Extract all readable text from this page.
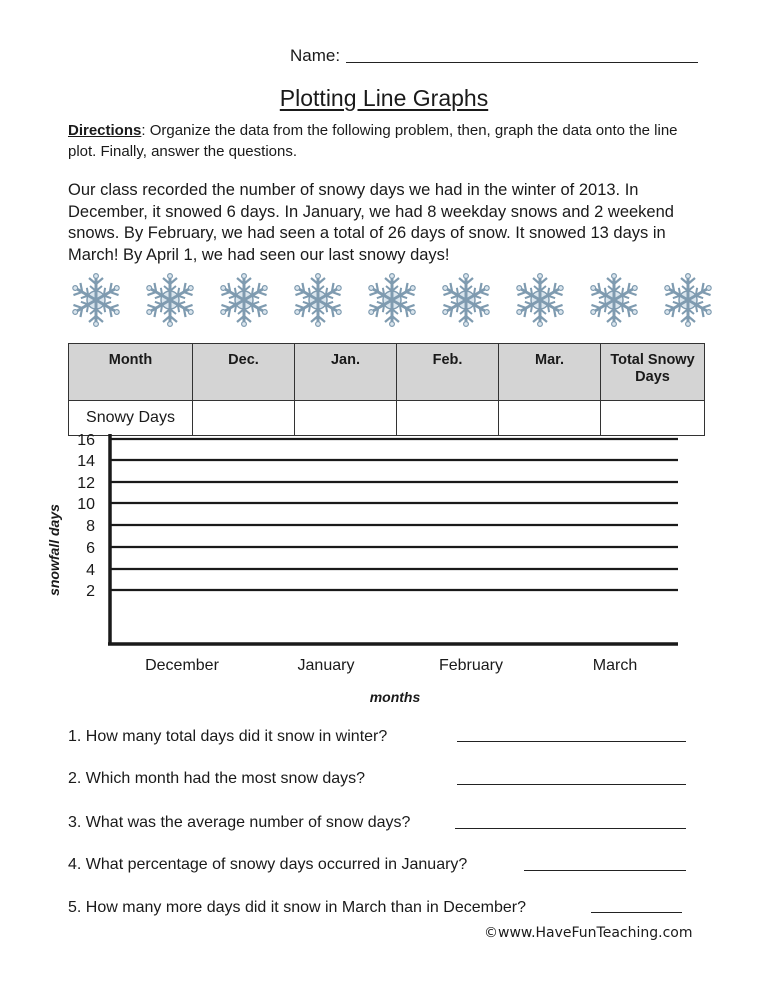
Name:
Plotting Line Graphs
Directions: Organize the data from the following problem, then, graph the data onto the line plot. Finally, answer the questions.
Our class recorded the number of snowy days we had in the winter of 2013. In December, it snowed 6 days. In January, we had 8 weekday snows and 2 weekend snows. By February, we had seen a total of 26 days of snow. It snowed 13 days in March! By April 1, we had seen our last snowy days!
Month	Dec.	Jan.	Feb.	Mar.	Total Snowy Days
Snowy Days					
16
14
12
10
8
6
4
2
December	January	February	March
months
snowfall days
1. How many total days did it snow in winter?
2. Which month had the most snow days?
3. What was the average number of snow days?
4. What percentage of snowy days occurred in January?
5. How many more days did it snow in March than in December?
©www.HaveFunTeaching.com
